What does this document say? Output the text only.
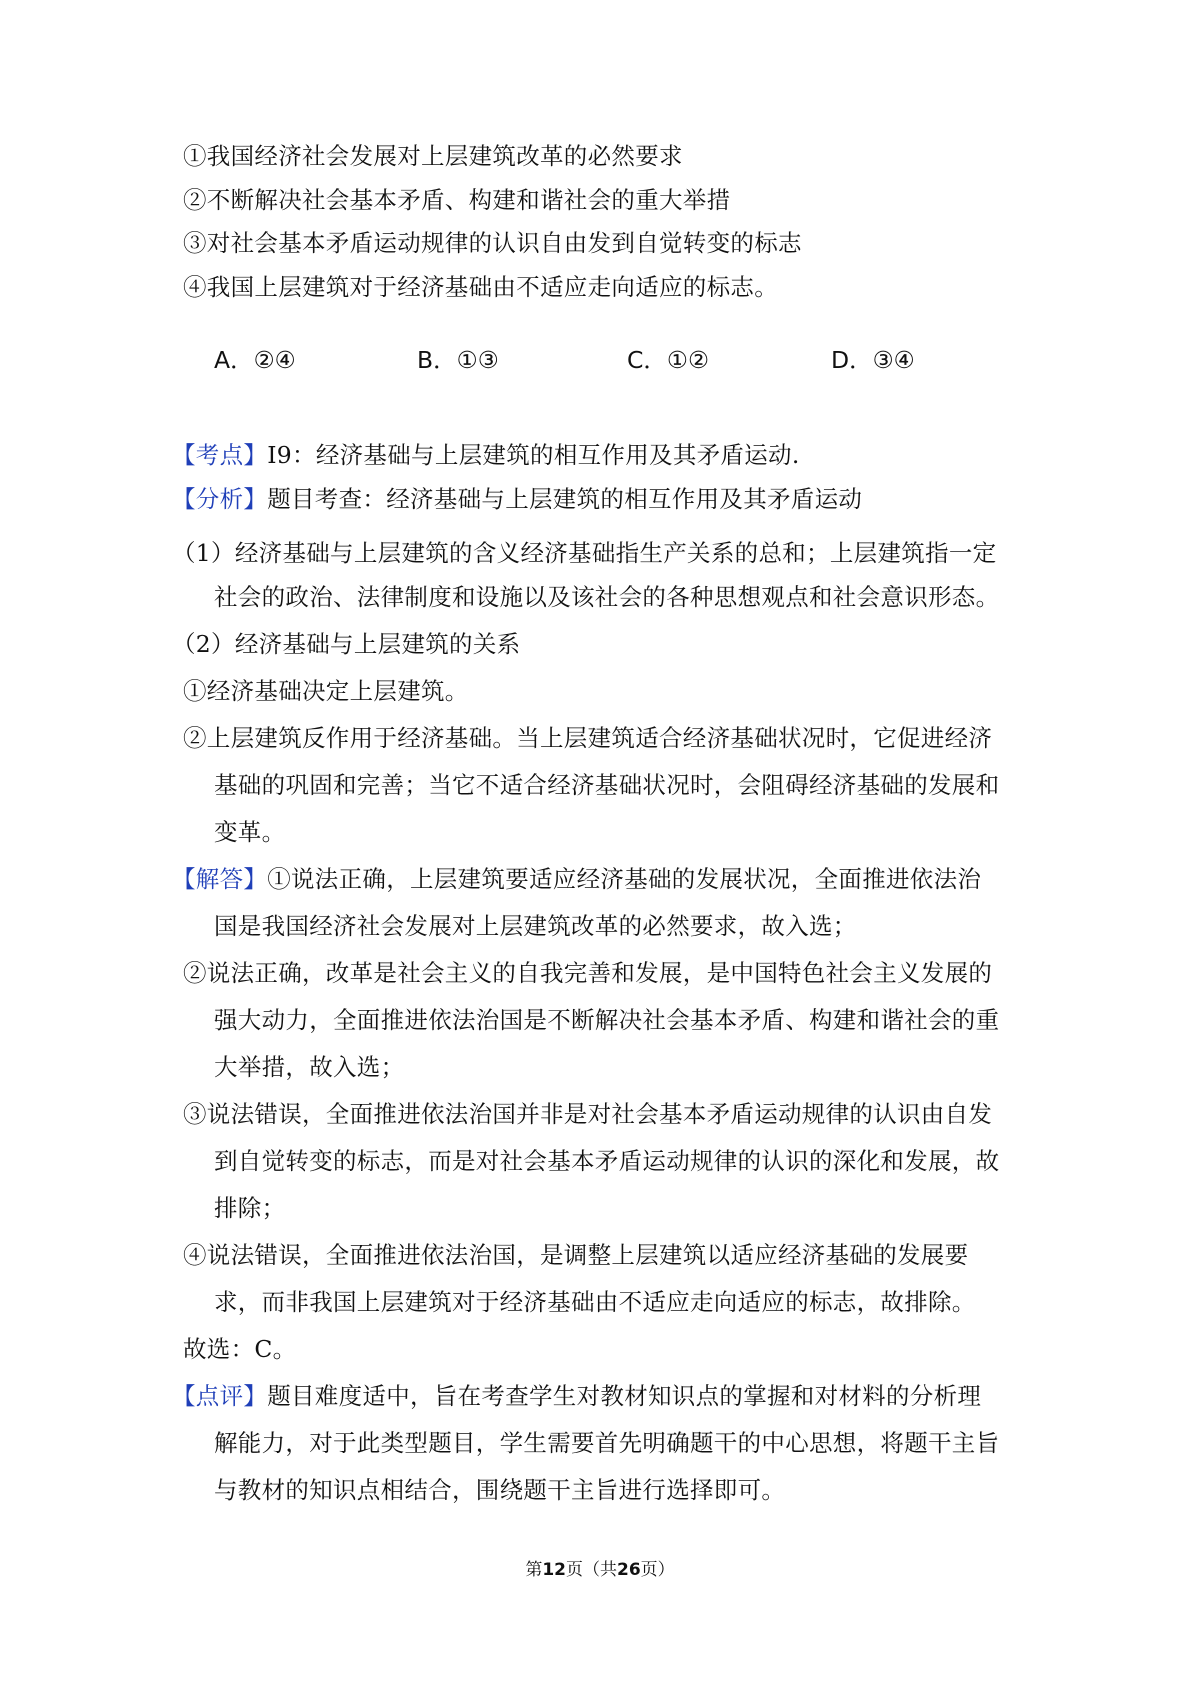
①我国经济社会发展对上层建筑改革的必然要求
②不断解决社会基本矛盾、构建和谐社会的重大举措
③对社会基本矛盾运动规律的认识自由发到自觉转变的标志
④我国上层建筑对于经济基础由不适应走向适应的标志。
A．②④	B．①③	C．①②	D．③④
【考点】I9：经济基础与上层建筑的相互作用及其矛盾运动.
【分析】题目考查：经济基础与上层建筑的相互作用及其矛盾运动
（1）经济基础与上层建筑的含义经济基础指生产关系的总和；上层建筑指一定
社会的政治、法律制度和设施以及该社会的各种思想观点和社会意识形态。
（2）经济基础与上层建筑的关系
①经济基础决定上层建筑。
②上层建筑反作用于经济基础。当上层建筑适合经济基础状况时，它促进经济
基础的巩固和完善；当它不适合经济基础状况时，会阻碍经济基础的发展和
变革。
【解答】①说法正确，上层建筑要适应经济基础的发展状况，全面推进依法治
国是我国经济社会发展对上层建筑改革的必然要求，故入选；
②说法正确，改革是社会主义的自我完善和发展，是中国特色社会主义发展的
强大动力，全面推进依法治国是不断解决社会基本矛盾、构建和谐社会的重
大举措，故入选；
③说法错误，全面推进依法治国并非是对社会基本矛盾运动规律的认识由自发
到自觉转变的标志，而是对社会基本矛盾运动规律的认识的深化和发展，故
排除；
④说法错误，全面推进依法治国，是调整上层建筑以适应经济基础的发展要
求，而非我国上层建筑对于经济基础由不适应走向适应的标志，故排除。
故选：C。
【点评】题目难度适中，旨在考查学生对教材知识点的掌握和对材料的分析理
解能力，对于此类型题目，学生需要首先明确题干的中心思想，将题干主旨
与教材的知识点相结合，围绕题干主旨进行选择即可。
第12页（共26页）
